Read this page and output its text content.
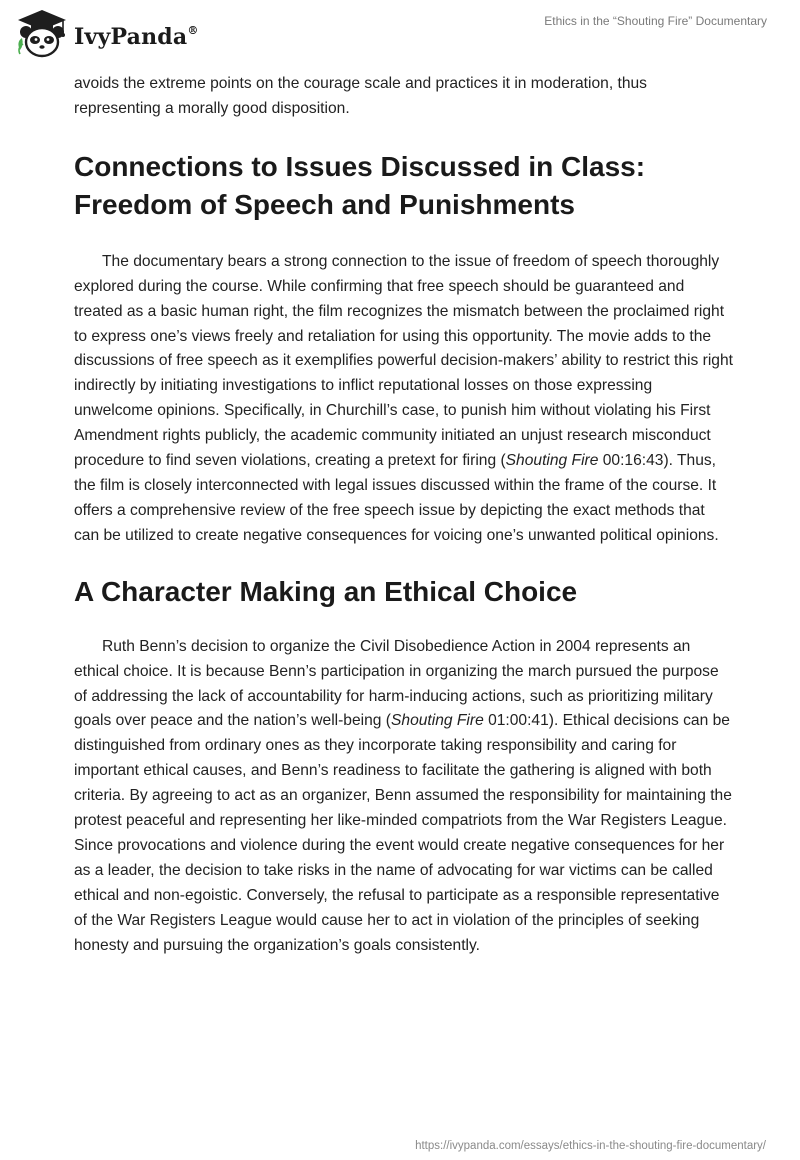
IvyPanda®
Ethics in the “Shouting Fire” Documentary

avoids the extreme points on the courage scale and practices it in moderation, thus representing a morally good disposition.

Connections to Issues Discussed in Class: Freedom of Speech and Punishments

The documentary bears a strong connection to the issue of freedom of speech thoroughly explored during the course. While confirming that free speech should be guaranteed and treated as a basic human right, the film recognizes the mismatch between the proclaimed right to express one’s views freely and retaliation for using this opportunity. The movie adds to the discussions of free speech as it exemplifies powerful decision-makers’ ability to restrict this right indirectly by initiating investigations to inflict reputational losses on those expressing unwelcome opinions. Specifically, in Churchill’s case, to punish him without violating his First Amendment rights publicly, the academic community initiated an unjust research misconduct procedure to find seven violations, creating a pretext for firing (Shouting Fire 00:16:43). Thus, the film is closely interconnected with legal issues discussed within the frame of the course. It offers a comprehensive review of the free speech issue by depicting the exact methods that can be utilized to create negative consequences for voicing one’s unwanted political opinions.

A Character Making an Ethical Choice

Ruth Benn’s decision to organize the Civil Disobedience Action in 2004 represents an ethical choice. It is because Benn’s participation in organizing the march pursued the purpose of addressing the lack of accountability for harm-inducing actions, such as prioritizing military goals over peace and the nation’s well-being (Shouting Fire 01:00:41). Ethical decisions can be distinguished from ordinary ones as they incorporate taking responsibility and caring for important ethical causes, and Benn’s readiness to facilitate the gathering is aligned with both criteria. By agreeing to act as an organizer, Benn assumed the responsibility for maintaining the protest peaceful and representing her like-minded compatriots from the War Registers League. Since provocations and violence during the event would create negative consequences for her as a leader, the decision to take risks in the name of advocating for war victims can be called ethical and non-egoistic. Conversely, the refusal to participate as a responsible representative of the War Registers League would cause her to act in violation of the principles of seeking honesty and pursuing the organization’s goals consistently.

https://ivypanda.com/essays/ethics-in-the-shouting-fire-documentary/
